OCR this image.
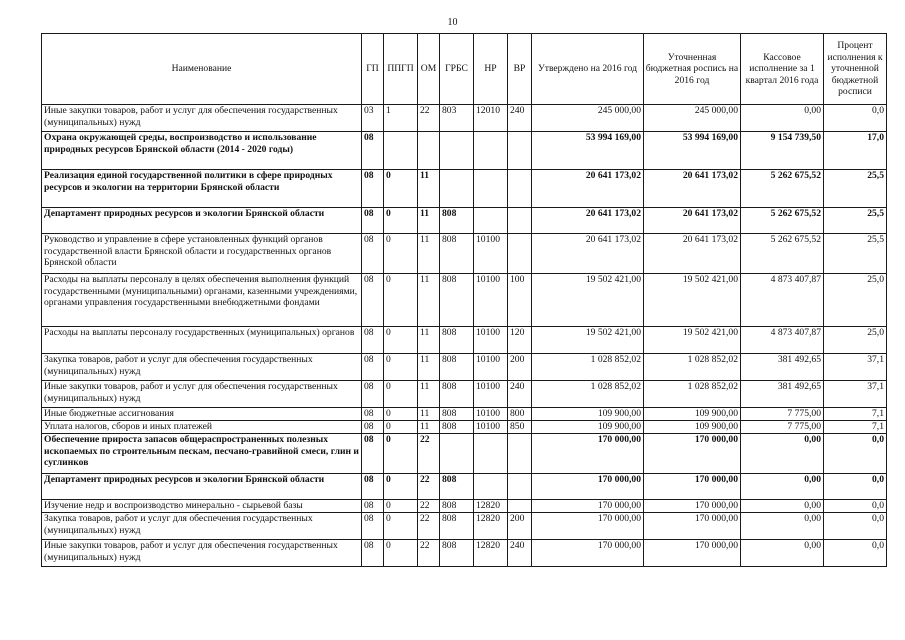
10
Наименование	ГП	ППГП	ОМ	ГРБС	НР	ВР	Утверждено на 2016 год	Уточненная бюджетная роспись на 2016 год	Кассовое исполнение за 1 квартал 2016 года	Процент исполнения к уточненной бюджетной росписи
Иные закупки товаров, работ и услуг для обеспечения государственных (муниципальных) нужд	03	1	22	803	12010	240	245 000,00	245 000,00	0,00	0,0
Охрана окружающей среды, воспроизводство и использование природных ресурсов Брянской области (2014 - 2020 годы)	08						53 994 169,00	53 994 169,00	9 154 739,50	17,0
Реализация единой государственной политики в сфере природных ресурсов и экологии на территории Брянской области	08	0	11				20 641 173,02	20 641 173,02	5 262 675,52	25,5
Департамент природных ресурсов и экологии Брянской области	08	0	11	808			20 641 173,02	20 641 173,02	5 262 675,52	25,5
Руководство и управление в сфере установленных функций органов государственной власти Брянской области и государственных органов Брянской области	08	0	11	808	10100		20 641 173,02	20 641 173,02	5 262 675,52	25,5
Расходы на выплаты персоналу в целях обеспечения выполнения функций государственными (муниципальными) органами, казенными учреждениями, органами управления государственными внебюджетными фондами	08	0	11	808	10100	100	19 502 421,00	19 502 421,00	4 873 407,87	25,0
Расходы на выплаты персоналу государственных (муниципальных) органов	08	0	11	808	10100	120	19 502 421,00	19 502 421,00	4 873 407,87	25,0
Закупка товаров, работ и услуг для обеспечения государственных (муниципальных) нужд	08	0	11	808	10100	200	1 028 852,02	1 028 852,02	381 492,65	37,1
Иные закупки товаров, работ и услуг для обеспечения государственных (муниципальных) нужд	08	0	11	808	10100	240	1 028 852,02	1 028 852,02	381 492,65	37,1
Иные бюджетные ассигнования	08	0	11	808	10100	800	109 900,00	109 900,00	7 775,00	7,1
Уплата налогов, сборов и иных платежей	08	0	11	808	10100	850	109 900,00	109 900,00	7 775,00	7,1
Обеспечение прироста запасов общераспространенных полезных ископаемых по строительным пескам, песчано-гравийной смеси, глин и суглинков	08	0	22				170 000,00	170 000,00	0,00	0,0
Департамент природных ресурсов и экологии Брянской области	08	0	22	808			170 000,00	170 000,00	0,00	0,0
Изучение недр и воспроизводство минерально - сырьевой базы	08	0	22	808	12820		170 000,00	170 000,00	0,00	0,0
Закупка товаров, работ и услуг для обеспечения государственных (муниципальных) нужд	08	0	22	808	12820	200	170 000,00	170 000,00	0,00	0,0
Иные закупки товаров, работ и услуг для обеспечения государственных (муниципальных) нужд	08	0	22	808	12820	240	170 000,00	170 000,00	0,00	0,0
